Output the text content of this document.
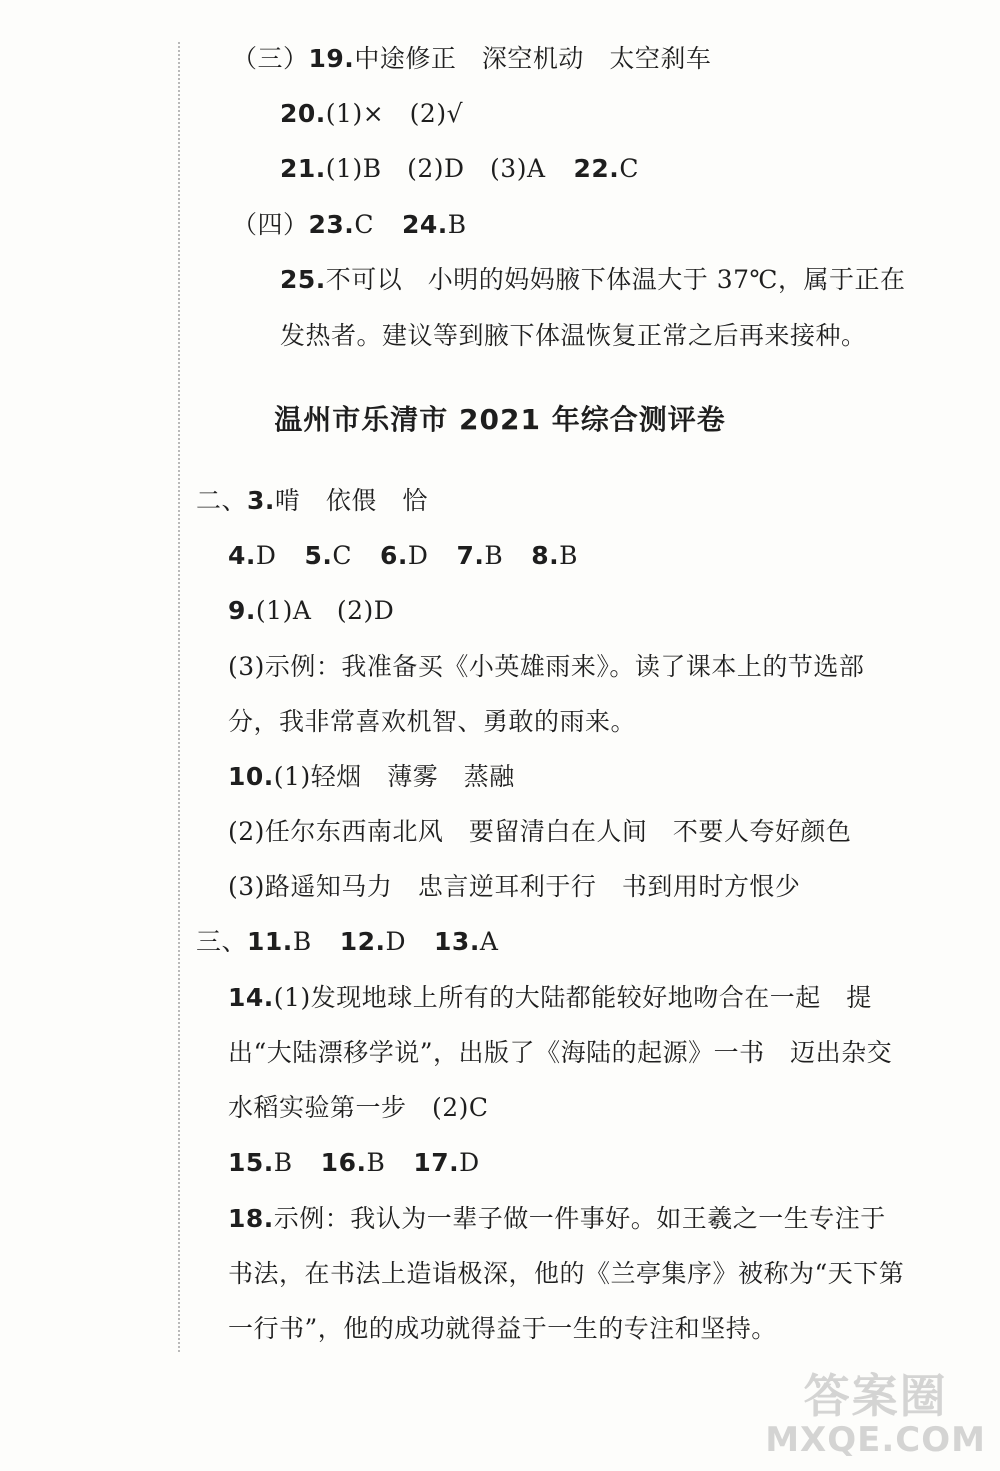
（三）19.中途修正　深空机动　太空刹车
20.(1)×　(2)√
21.(1)B　(2)D　(3)A 22.C
（四）23.C 24.B
25.不可以　小明的妈妈腋下体温大于 37℃，属于正在
发热者。建议等到腋下体温恢复正常之后再来接种。
温州市乐清市 2021 年综合测评卷
二、3.啃　依偎　恰
4.D 5.C 6.D 7.B 8.B
9.(1)A　(2)D
(3)示例：我准备买《小英雄雨来》。读了课本上的节选部
分，我非常喜欢机智、勇敢的雨来。
10.(1)轻烟　薄雾　蒸融
(2)任尔东西南北风　要留清白在人间　不要人夸好颜色
(3)路遥知马力　忠言逆耳利于行　书到用时方恨少
三、11.B 12.D 13.A
14.(1)发现地球上所有的大陆都能较好地吻合在一起　提
出“大陆漂移学说”，出版了《海陆的起源》一书　迈出杂交
水稻实验第一步　(2)C
15.B 16.B 17.D
18.示例：我认为一辈子做一件事好。如王羲之一生专注于
书法，在书法上造诣极深，他的《兰亭集序》被称为“天下第
一行书”，他的成功就得益于一生的专注和坚持。
答案圈
MXQE.COM
